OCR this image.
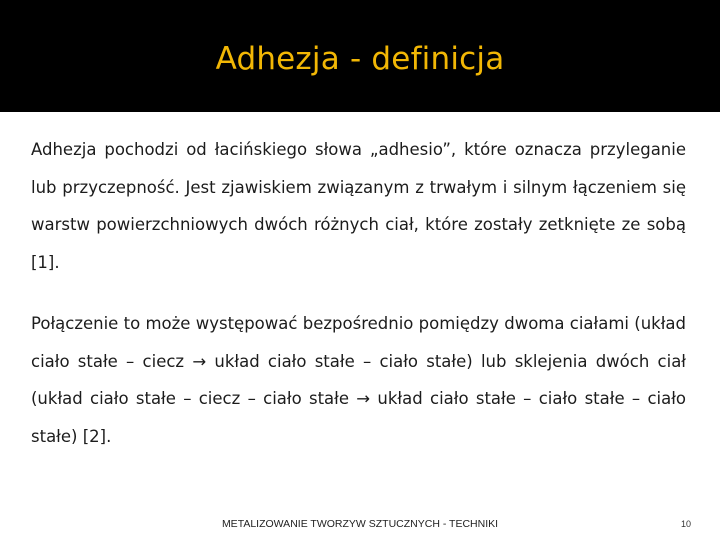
Adhezja - definicja

Adhezja pochodzi od łacińskiego słowa „adhesio”, które oznacza przyleganie lub przyczepność. Jest zjawiskiem związanym z trwałym i silnym łączeniem się warstw powierzchniowych dwóch różnych ciał, które zostały zetknięte ze sobą [1].

Połączenie to może występować bezpośrednio pomiędzy dwoma ciałami (układ ciało stałe – ciecz → układ ciało stałe – ciało stałe) lub sklejenia dwóch ciał (układ ciało stałe – ciecz – ciało stałe → układ ciało stałe – ciało stałe – ciało stałe) [2].

METALIZOWANIE TWORZYW SZTUCZNYCH - TECHNIKI	10
